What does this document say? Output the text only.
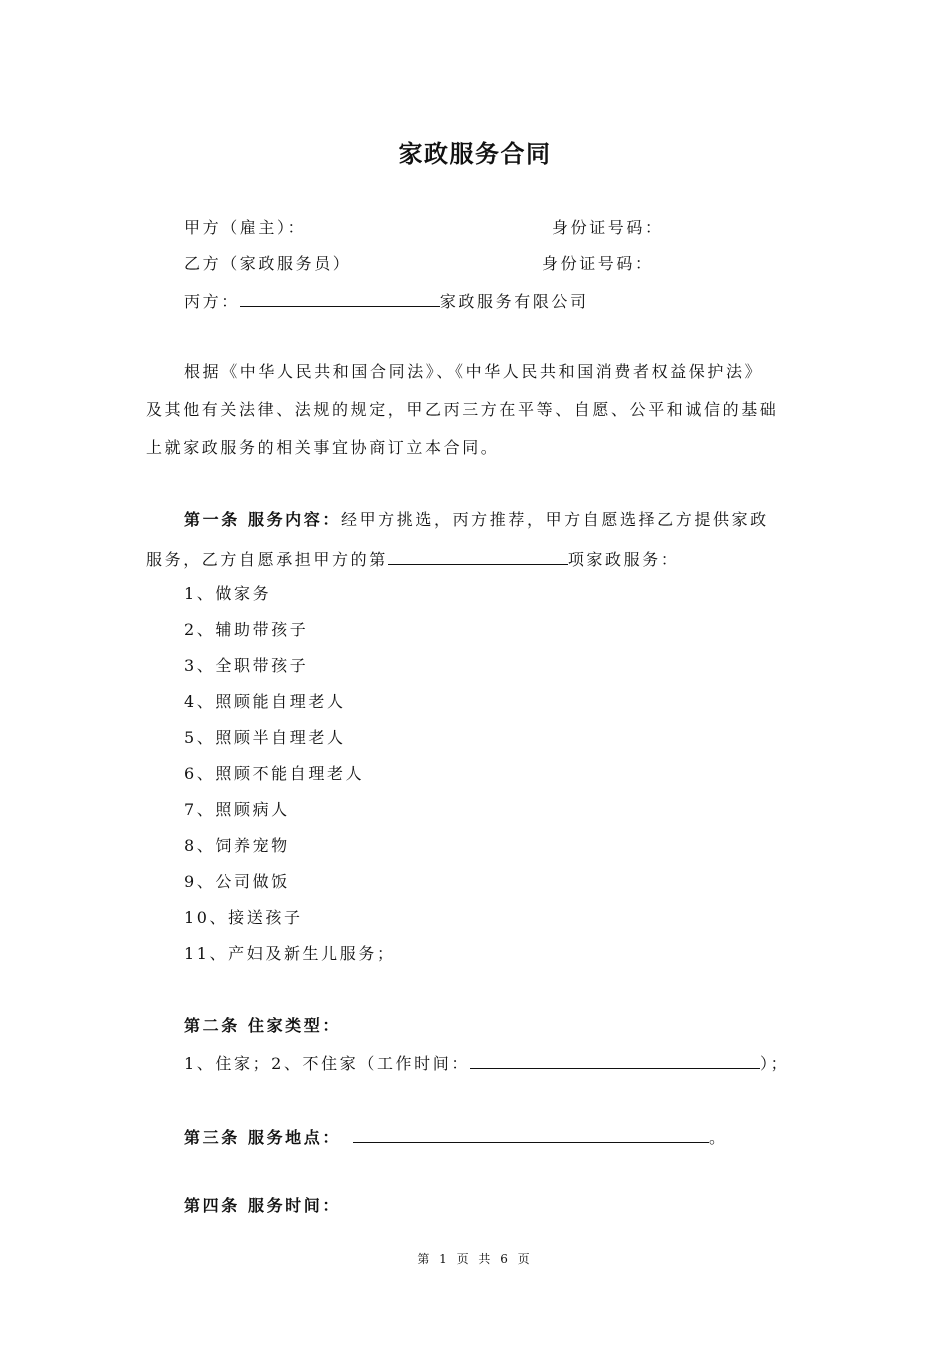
家政服务合同
甲方（雇主）：	身份证号码：
乙方（家政服务员）	身份证号码：
丙方：	家政服务有限公司
根据《中华人民共和国合同法》、《中华人民共和国消费者权益保护法》
及其他有关法律、法规的规定，甲乙丙三方在平等、自愿、公平和诚信的基础
上就家政服务的相关事宜协商订立本合同。
第一条 服务内容：经甲方挑选，丙方推荐，甲方自愿选择乙方提供家政
服务，乙方自愿承担甲方的第	项家政服务：
1、做家务
2、辅助带孩子
3、全职带孩子
4、照顾能自理老人
5、照顾半自理老人
6、照顾不能自理老人
7、照顾病人
8、饲养宠物
9、公司做饭
10、接送孩子
11、产妇及新生儿服务；
第二条 住家类型：
1、住家；2、不住家（工作时间：	）；
第三条 服务地点：	。
第四条 服务时间：
第 1 页 共 6 页
